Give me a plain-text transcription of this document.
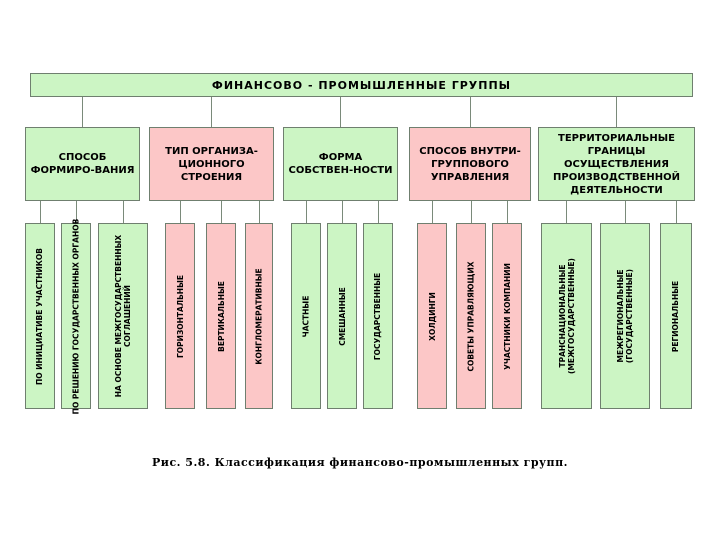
ФИНАНСОВО - ПРОМЫШЛЕННЫЕ ГРУППЫ
СПОСОБ ФОРМИРО-ВАНИЯ
ПО ИНИЦИАТИВЕ УЧАСТНИКОВ	ПО РЕШЕНИЮ ГОСУДАРСТВЕННЫХ ОРГАНОВ	НА ОСНОВЕ МЕЖГОСУДАРСТВЕННЫХ
СОГЛАШЕНИЙ
ТИП ОРГАНИЗА-ЦИОННОГО СТРОЕНИЯ
ГОРИЗОНТАЛЬНЫЕ	ВЕРТИКАЛЬНЫЕ	КОНГЛОМЕРАТИВНЫЕ
ФОРМА СОБСТВЕН-НОСТИ
ЧАСТНЫЕ	СМЕШАННЫЕ	ГОСУДАРСТВЕННЫЕ
СПОСОБ ВНУТРИ-ГРУППОВОГО УПРАВЛЕНИЯ
ХОЛДИНГИ	СОВЕТЫ УПРАВЛЯЮЩИХ	УЧАСТНИКИ КОМПАНИИ
ТЕРРИТОРИАЛЬНЫЕ ГРАНИЦЫ ОСУЩЕСТВЛЕНИЯ ПРОИЗВОДСТВЕННОЙ ДЕЯТЕЛЬНОСТИ
ТРАНСНАЦИОНАЛЬНЫЕ
(МЕЖГОСУДАРСТВЕННЫЕ)	МЕЖРЕГИОНАЛЬНЫЕ
(ГОСУДАРСТВЕННЫЕ)	РЕГИОНАЛЬНЫЕ
Рис. 5.8. Классификация финансово-промышленных групп.
